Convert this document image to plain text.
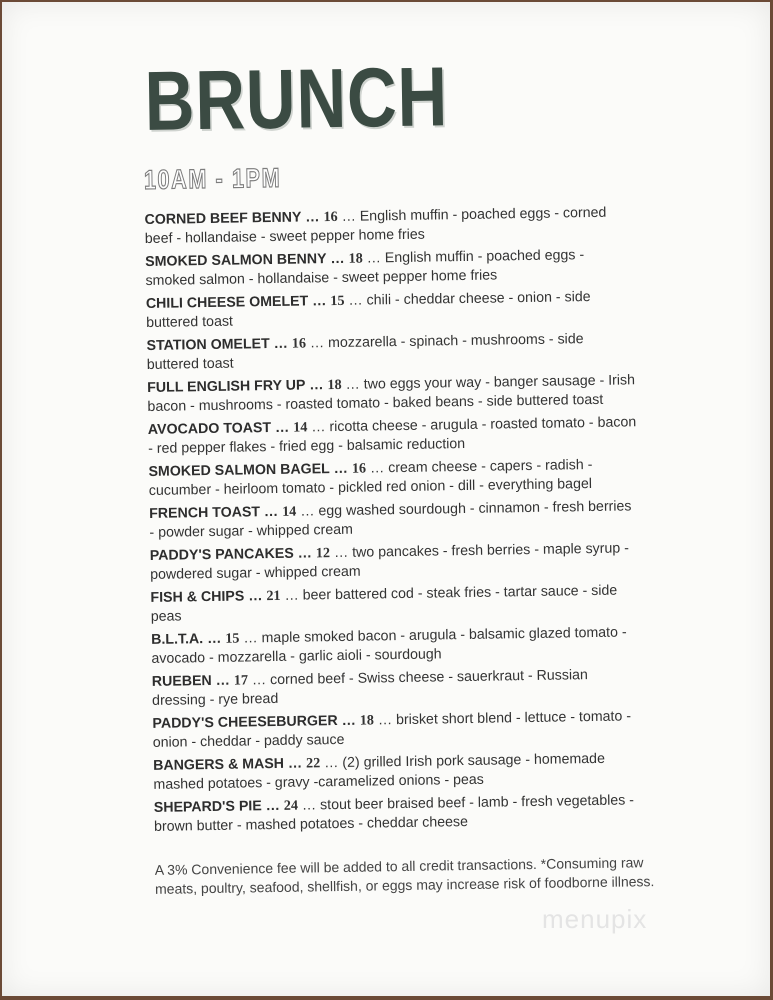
BRUNCH
10AM - 1PM
CORNED BEEF BENNY … 16 … English muffin - poached eggs - corned beef - hollandaise - sweet pepper home fries
SMOKED SALMON BENNY … 18 … English muffin - poached eggs - smoked salmon - hollandaise - sweet pepper home fries
CHILI CHEESE OMELET … 15 … chili - cheddar cheese - onion - side buttered toast
STATION OMELET … 16 … mozzarella - spinach - mushrooms - side buttered toast
FULL ENGLISH FRY UP … 18 … two eggs your way - banger sausage - Irish bacon - mushrooms - roasted tomato - baked beans - side buttered toast
AVOCADO TOAST … 14 … ricotta cheese - arugula - roasted tomato - bacon - red pepper flakes - fried egg - balsamic reduction
SMOKED SALMON BAGEL … 16 … cream cheese - capers - radish - cucumber - heirloom tomato - pickled red onion - dill - everything bagel
FRENCH TOAST … 14 … egg washed sourdough - cinnamon - fresh berries - powder sugar - whipped cream
PADDY'S PANCAKES … 12 … two pancakes - fresh berries - maple syrup - powdered sugar - whipped cream
FISH & CHIPS … 21 … beer battered cod - steak fries - tartar sauce - side peas
B.L.T.A. … 15 … maple smoked bacon - arugula - balsamic glazed tomato - avocado - mozzarella - garlic aioli - sourdough
RUEBEN … 17 … corned beef - Swiss cheese - sauerkraut - Russian dressing - rye bread
PADDY'S CHEESEBURGER … 18 … brisket short blend - lettuce - tomato - onion - cheddar - paddy sauce
BANGERS & MASH … 22 … (2) grilled Irish pork sausage - homemade mashed potatoes - gravy -caramelized onions - peas
SHEPARD'S PIE … 24 … stout beer braised beef - lamb - fresh vegetables - brown butter - mashed potatoes - cheddar cheese
A 3% Convenience fee will be added to all credit transactions. *Consuming raw meats, poultry, seafood, shellfish, or eggs may increase risk of foodborne illness.
menupix
